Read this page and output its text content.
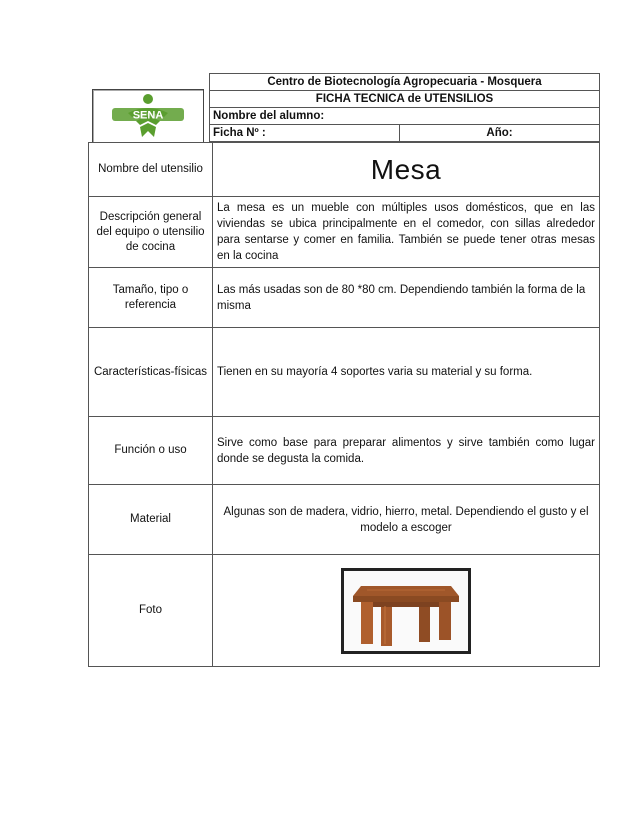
SENA
Centro de Biotecnología Agropecuaria - Mosquera
FICHA TECNICA de UTENSILIOS
Nombre del alumno:
Ficha Nº :	Año:
Nombre del utensilio	Mesa
Descripción general del equipo o utensilio de cocina	La mesa es un mueble con múltiples usos domésticos, que en las viviendas se ubica principalmente en el comedor, con sillas alrededor para sentarse y comer en familia. También se puede tener otras mesas en la cocina
Tamaño, tipo o referencia	Las más usadas son de 80 *80 cm. Dependiendo también la forma de la misma
Características-físicas	Tienen en su mayoría 4 soportes varia su material y su forma.
Función o uso	Sirve como base para preparar alimentos y sirve también como lugar donde se degusta la comida.
Material	Algunas son de madera, vidrio, hierro, metal. Dependiendo el gusto y el modelo a escoger
Foto	
